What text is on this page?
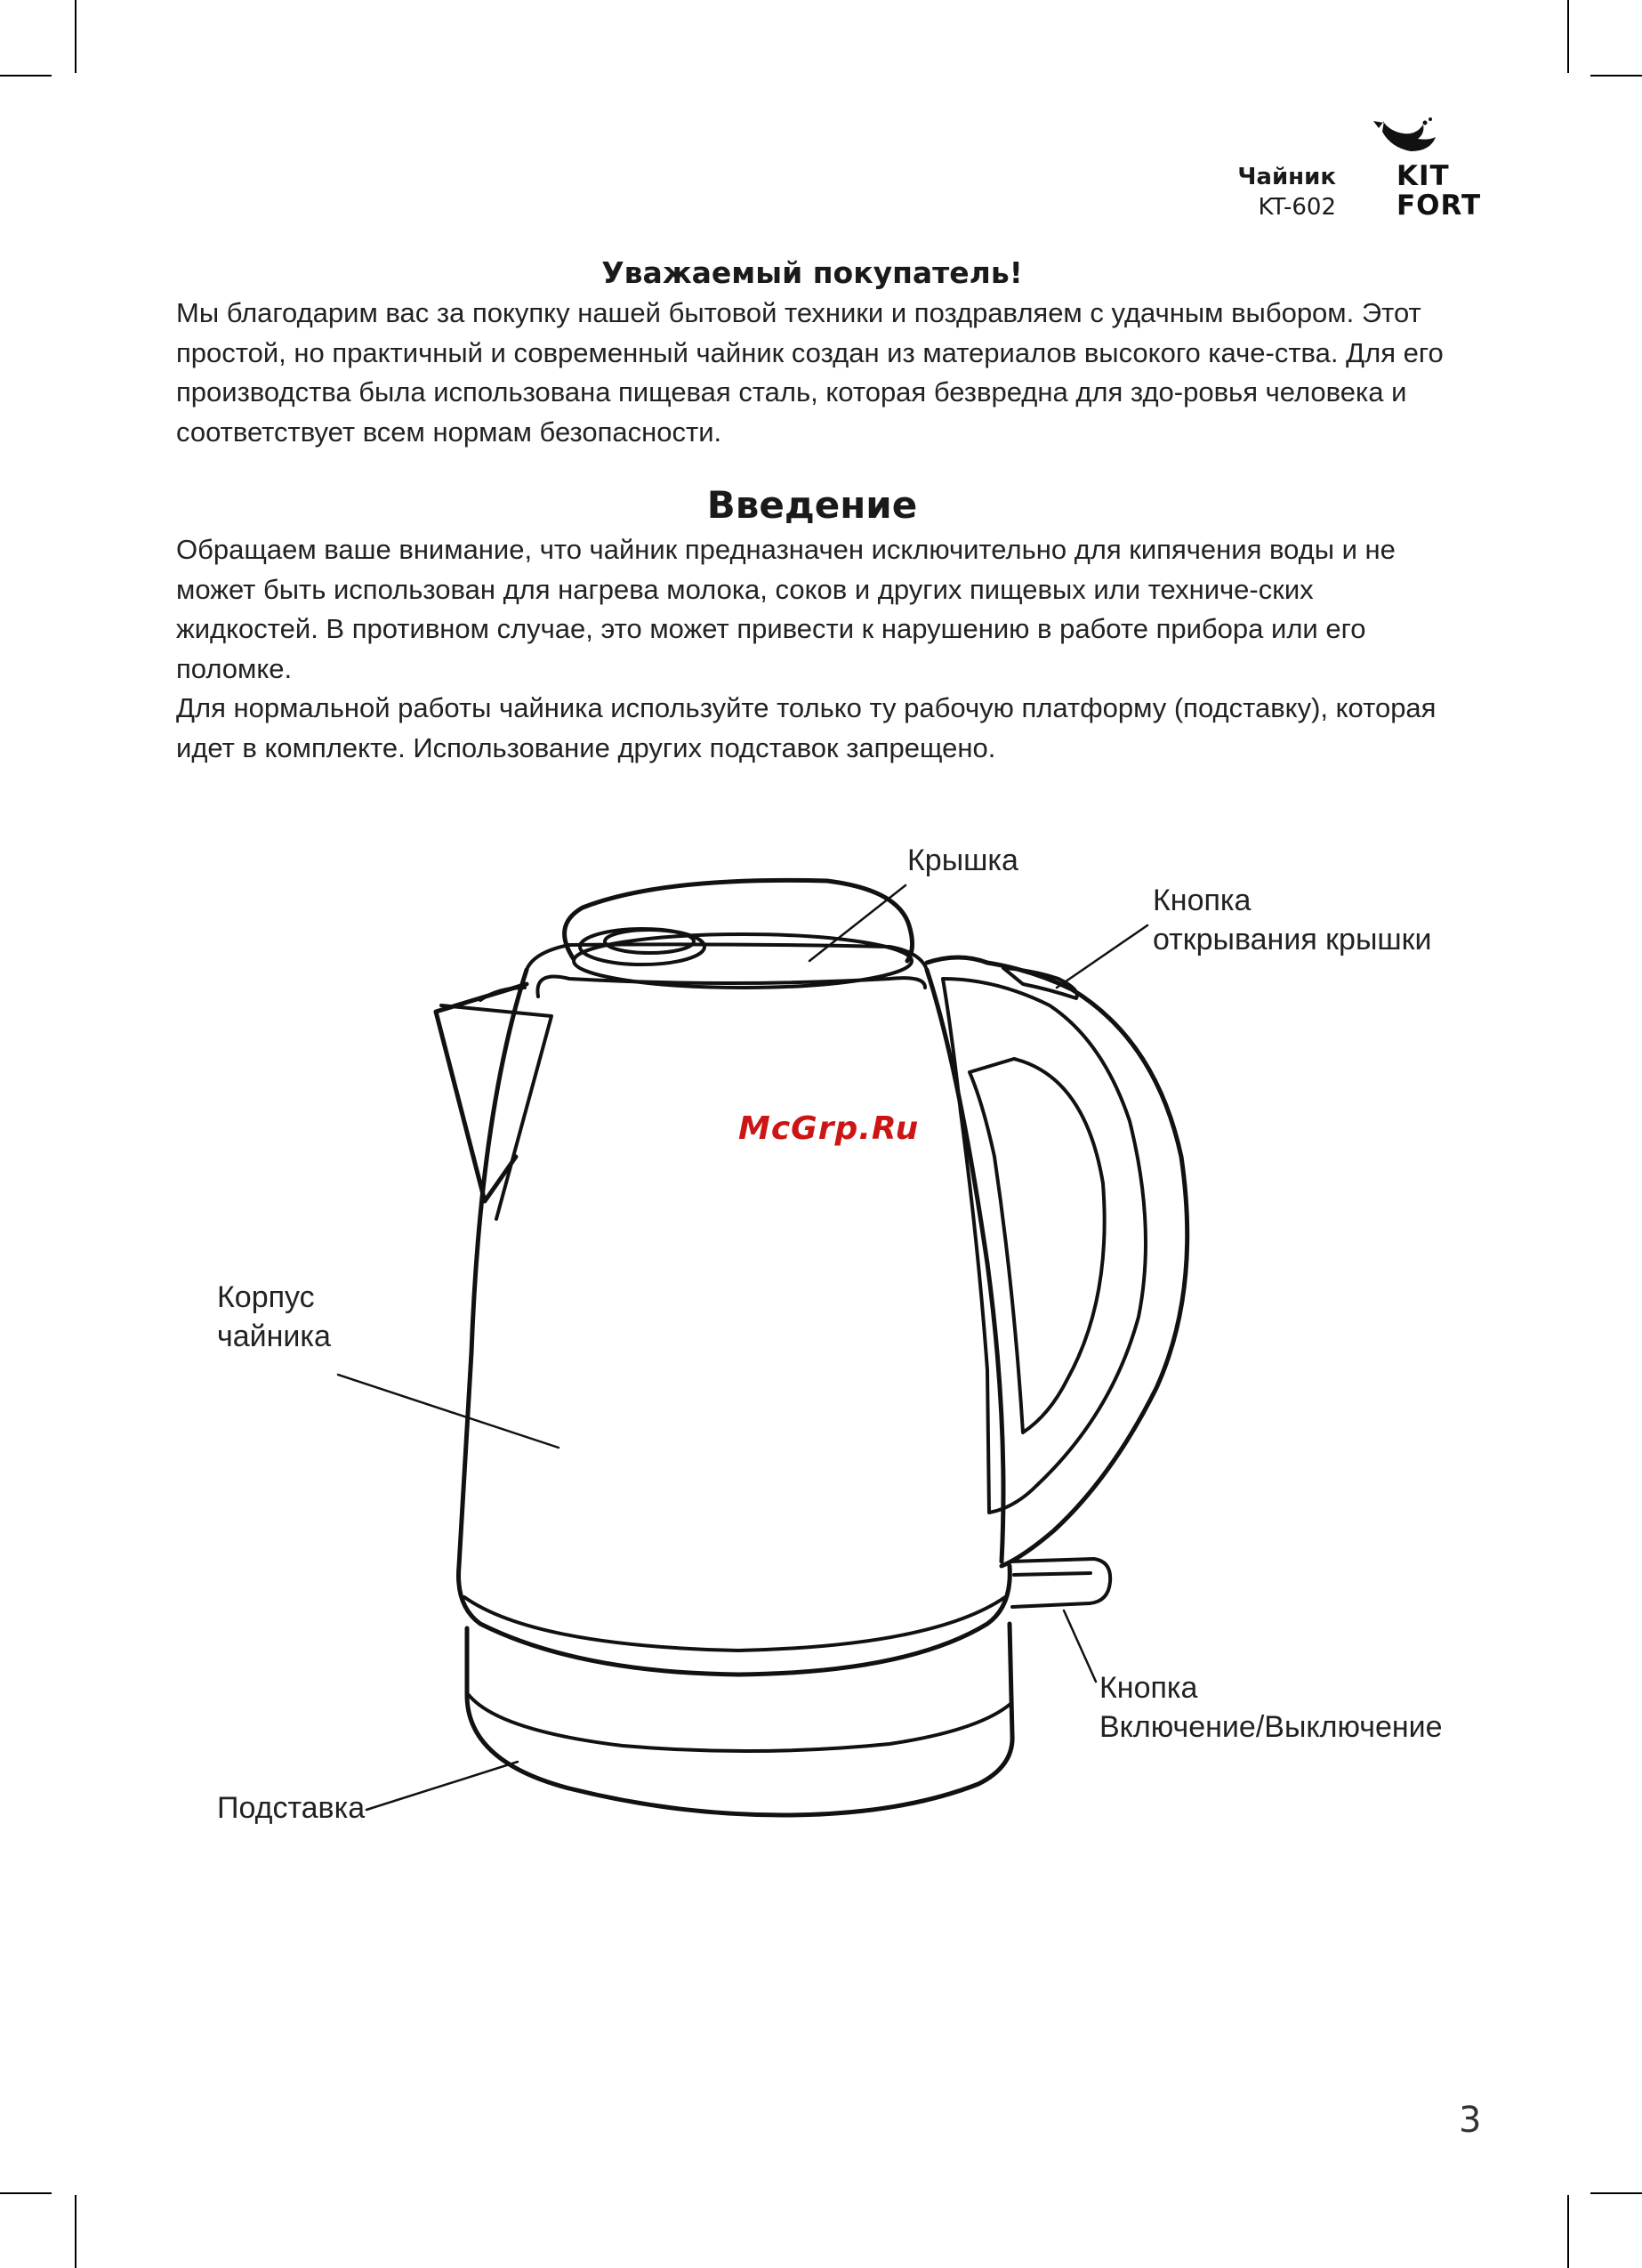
Чайник
KT-602
KIT
FORT
Уважаемый покупатель!

Мы благодарим вас за покупку нашей бытовой техники и поздравляем с удачным выбором. Этот простой, но практичный и современный чайник создан из материалов высокого каче-ства. Для его производства была использована пищевая сталь, которая безвредна для здо-ровья человека и соответствует всем нормам безопасности.

Введение

Обращаем ваше внимание, что чайник предназначен исключительно для кипячения воды и не может быть использован для нагрева молока, соков и других пищевых или техниче-ских жидкостей. В противном случае, это может привести к нарушению в работе прибора или его поломке.

Для нормальной работы чайника используйте только ту рабочую платформу (подставку), которая идет в комплекте. Использование других подставок запрещено.

Крышка
Кнопка
открывания крышки
Корпус
чайника
Кнопка
Включение/Выключение
Подставка
McGrp.Ru
3
